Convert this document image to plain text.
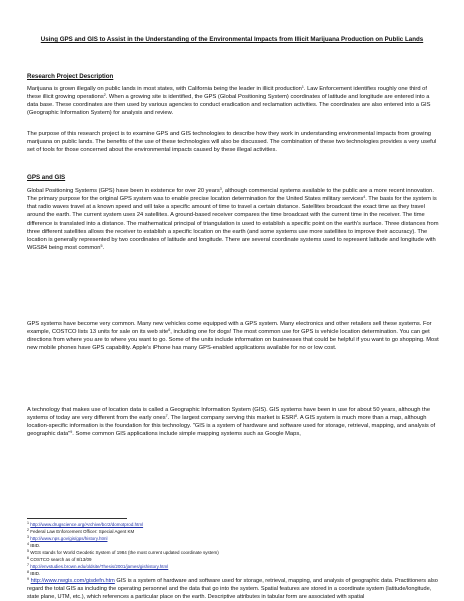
Using GPS and GIS to Assist in the Understanding of the Environmental Impacts from Illicit Marijuana Production on Public Lands
Research Project Description
Marijuana is grown illegally on public lands in most states, with California being the leader in illicit production$^1$. Law Enforcement identifies roughly one third of these illicit growing operations$^2$. When a growing site is identified, the GPS (Global Positioning System) coordinates of latitude and longitude are entered into a data base. These coordinates are then used by various agencies to conduct eradication and reclamation activities. The coordinates are also entered into a GIS (Geographic Information System) for analysis and review.
The purpose of this research project is to examine GPS and GIS technologies to describe how they work in understanding environmental impacts from growing marijuana on public lands. The benefits of the use of these technologies will also be discussed. The combination of these two technologies provides a very useful set of tools for those concerned about the environmental impacts caused by these illegal activities.
GPS and GIS
Global Positioning Systems (GPS) have been in existence for over 20 years$^3$, although commercial systems available to the public are a more recent innovation. The primary purpose for the original GPS system was to enable precise location determination for the United States military services$^4$. The basis for the system is that radio waves travel at a known speed and will take a specific amount of time to travel a certain distance. Satellites broadcast the exact time as they travel around the earth. The current system uses 24 satellites. A ground-based receiver compares the time broadcast with the current time in the receiver. The time difference is translated into a distance. The mathematical principal of triangulation is used to establish a specific point on the earth's surface. Three distances from three different satellites allows the receiver to establish a specific location on the earth (and some systems use more satellites to improve their accuracy). The location is generally represented by two coordinates of latitude and longitude. There are several coordinate systems used to represent latitude and longitude with WGS84 being most common$^5$.
GPS systems have become very common. Many new vehicles come equipped with a GPS system. Many electronics and other retailers sell these systems. For example, COSTCO lists 13 units for sale on its web site$^6$, including one for dogs! The most common use for GPS is vehicle location determination. You can get directions from where you are to where you want to go. Some of the units include information on businesses that could be helpful if you want to go shopping. Most new mobile phones have GPS capability. Apple's iPhone has many GPS-enabled applications available for no or low cost.
A technology that makes use of location data is called a Geographic Information System (GIS). GIS systems have been in use for about 50 years, although the systems of today are very different from the early ones$^7$. The largest company serving this market is ESRI$^8$. A GIS system is much more than a map, although location-specific information is the foundation for this technology. "GIS is a system of hardware and software used for storage, retrieval, mapping, and analysis of geographic data"$^9$. Some common GIS applications include simple mapping systems such as Google Maps,
$^1$ http://www.drugscience.org/Archive/bcr2/domotprod.html
$^2$ Federal Law Enforcement Officer: Special Agent KM
$^3$ http://www.nps.gov/gis/gps/history.html
$^4$ IBID.
$^5$ WGS stands for World Geodetic System of 1984 (the most current updated coordinate system)
$^6$ COSTCO search as of 8/13/09
$^7$ http://envstudies.brown.edu/oldsite/Thesis/2001/james/gishistory.html
$^8$ IBID.
$^9$ http://www.nwgis.com/gisdefn.htm GIS is a system of hardware and software used for storage, retrieval, mapping, and analysis of geographic data. Practitioners also regard the total GIS as including the operating personnel and the data that go into the system. Spatial features are stored in a coordinate system (latitude/longitude, state plane, UTM, etc.), which references a particular place on the earth. Descriptive attributes in tabular form are associated with spatial
